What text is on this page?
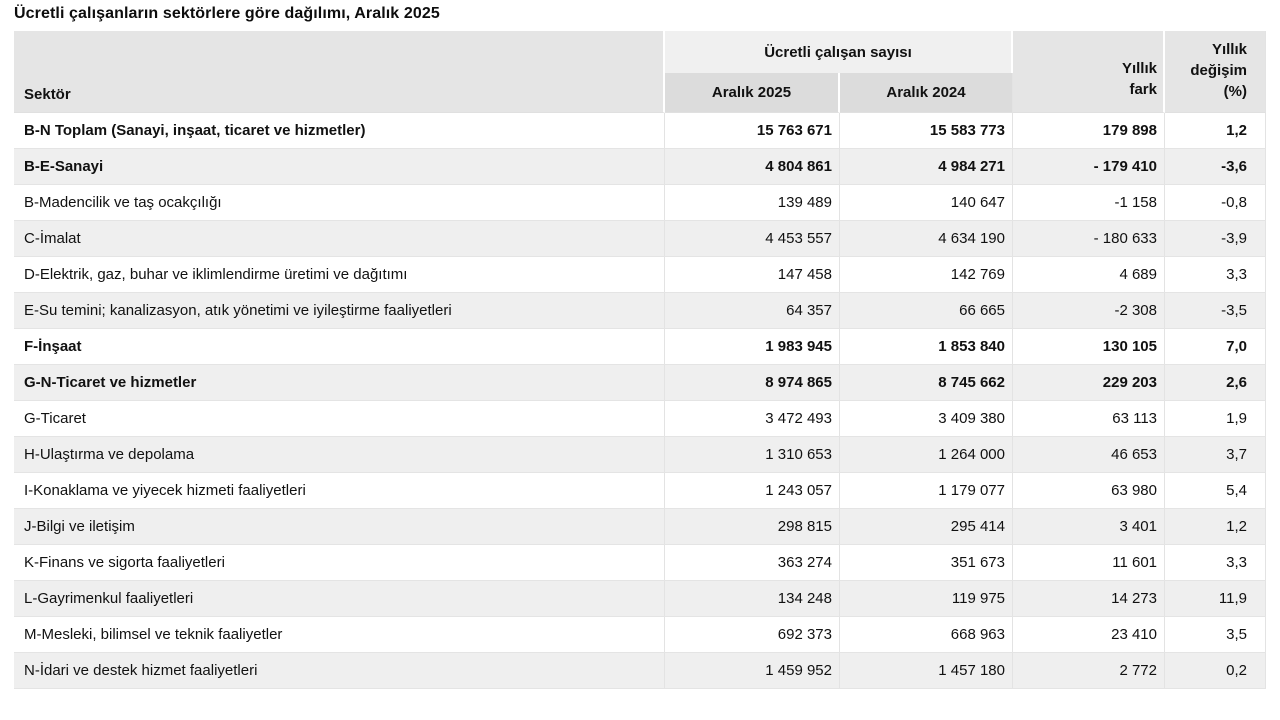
Ücretli çalışanların sektörlere göre dağılımı, Aralık 2025
Sektör	Ücretli çalışan sayısı		Yıllık fark	Yıllık değişim (%)

	Aralık 2025	Aralık 2024		
B-N Toplam (Sanayi, inşaat, ticaret ve hizmetler)	15 763 671	15 583 773	179 898	1,2
B-E-Sanayi	4 804 861	4 984 271	- 179 410	-3,6
B-Madencilik ve taş ocakçılığı	139 489	140 647	-1 158	-0,8
C-İmalat	4 453 557	4 634 190	- 180 633	-3,9
D-Elektrik, gaz, buhar ve iklimlendirme üretimi ve dağıtımı	147 458	142 769	4 689	3,3
E-Su temini; kanalizasyon, atık yönetimi ve iyileştirme faaliyetleri	64 357	66 665	-2 308	-3,5
F-İnşaat	1 983 945	1 853 840	130 105	7,0
G-N-Ticaret ve hizmetler	8 974 865	8 745 662	229 203	2,6
G-Ticaret	3 472 493	3 409 380	63 113	1,9
H-Ulaştırma ve depolama	1 310 653	1 264 000	46 653	3,7
I-Konaklama ve yiyecek hizmeti faaliyetleri	1 243 057	1 179 077	63 980	5,4
J-Bilgi ve iletişim	298 815	295 414	3 401	1,2
K-Finans ve sigorta faaliyetleri	363 274	351 673	11 601	3,3
L-Gayrimenkul faaliyetleri	134 248	119 975	14 273	11,9
M-Mesleki, bilimsel ve teknik faaliyetler	692 373	668 963	23 410	3,5
N-İdari ve destek hizmet faaliyetleri	1 459 952	1 457 180	2 772	0,2
